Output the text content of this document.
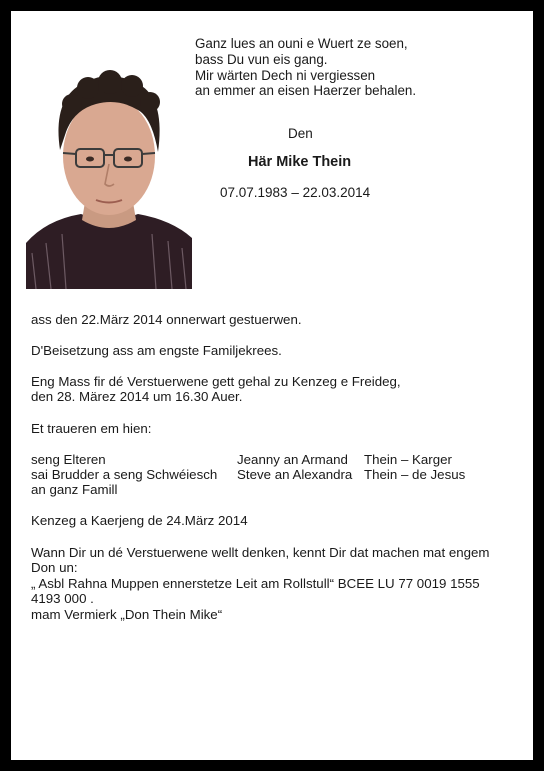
Ganz lues an ouni e Wuert ze soen,
bass Du vun eis gang.
Mir wärten Dech ni vergiessen
an emmer an eisen Haerzer behalen.
Den
Här Mike Thein
07.07.1983 – 22.03.2014
ass den 22.März 2014 onnerwart gestuerwen.
D'Beisetzung ass am engste Familjekrees.
Eng Mass fir dé Verstuerwene gett gehal zu Kenzeg e Freideg,
den 28. Märez 2014 um 16.30 Auer.
Et traueren em hien:
seng Elteren	Jeanny an Armand Thein – Karger
sai Brudder a seng Schwéiesch Steve an Alexandra Thein – de Jesus
an ganz Famill
Kenzeg a Kaerjeng de 24.März 2014
Wann Dir un dé Verstuerwene wellt denken, kennt Dir dat machen mat engem
Don un:
„ Asbl Rahna Muppen ennerstetze Leit am Rollstull“ BCEE LU 77 0019 1555
4193 000 .
mam Vermierk „Don Thein Mike“
